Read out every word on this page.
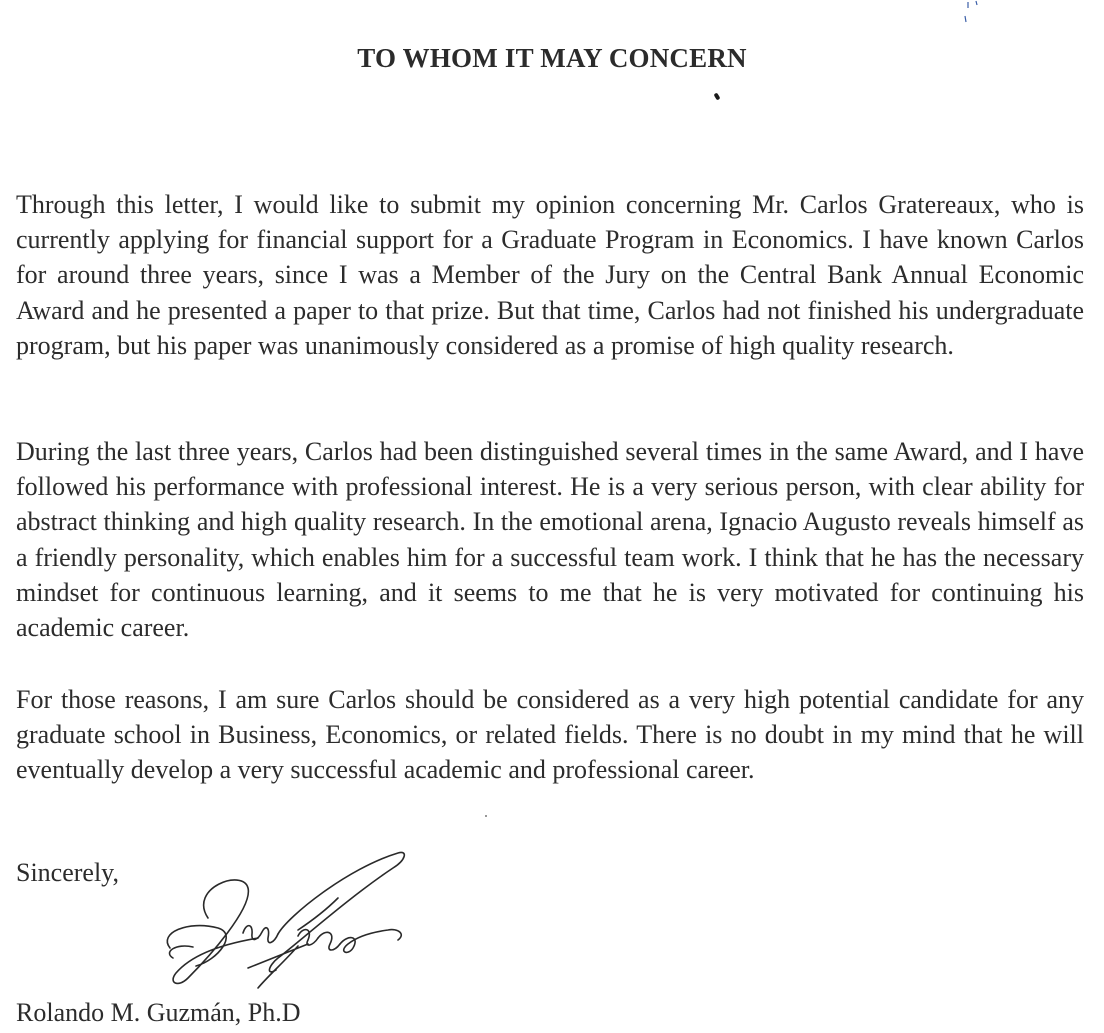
TO WHOM IT MAY CONCERN
Through this letter, I would like to submit my opinion concerning Mr. Carlos Gratereaux, who is currently applying for financial support for a Graduate Program in Economics. I have known Carlos for around three years, since I was a Member of the Jury on the Central Bank Annual Economic Award and he presented a paper to that prize. But that time, Carlos had not finished his undergraduate program, but his paper was unanimously considered as a promise of high quality research.
During the last three years, Carlos had been distinguished several times in the same Award, and I have followed his performance with professional interest. He is a very serious person, with clear ability for abstract thinking and high quality research. In the emotional arena, Ignacio Augusto reveals himself as a friendly personality, which enables him for a successful team work. I think that he has the necessary mindset for continuous learning, and it seems to me that he is very motivated for continuing his academic career.
For those reasons, I am sure Carlos should be considered as a very high potential candidate for any graduate school in Business, Economics, or related fields. There is no doubt in my mind that he will eventually develop a very successful academic and professional career.
Sincerely,
Rolando M. Guzmán, Ph.D
